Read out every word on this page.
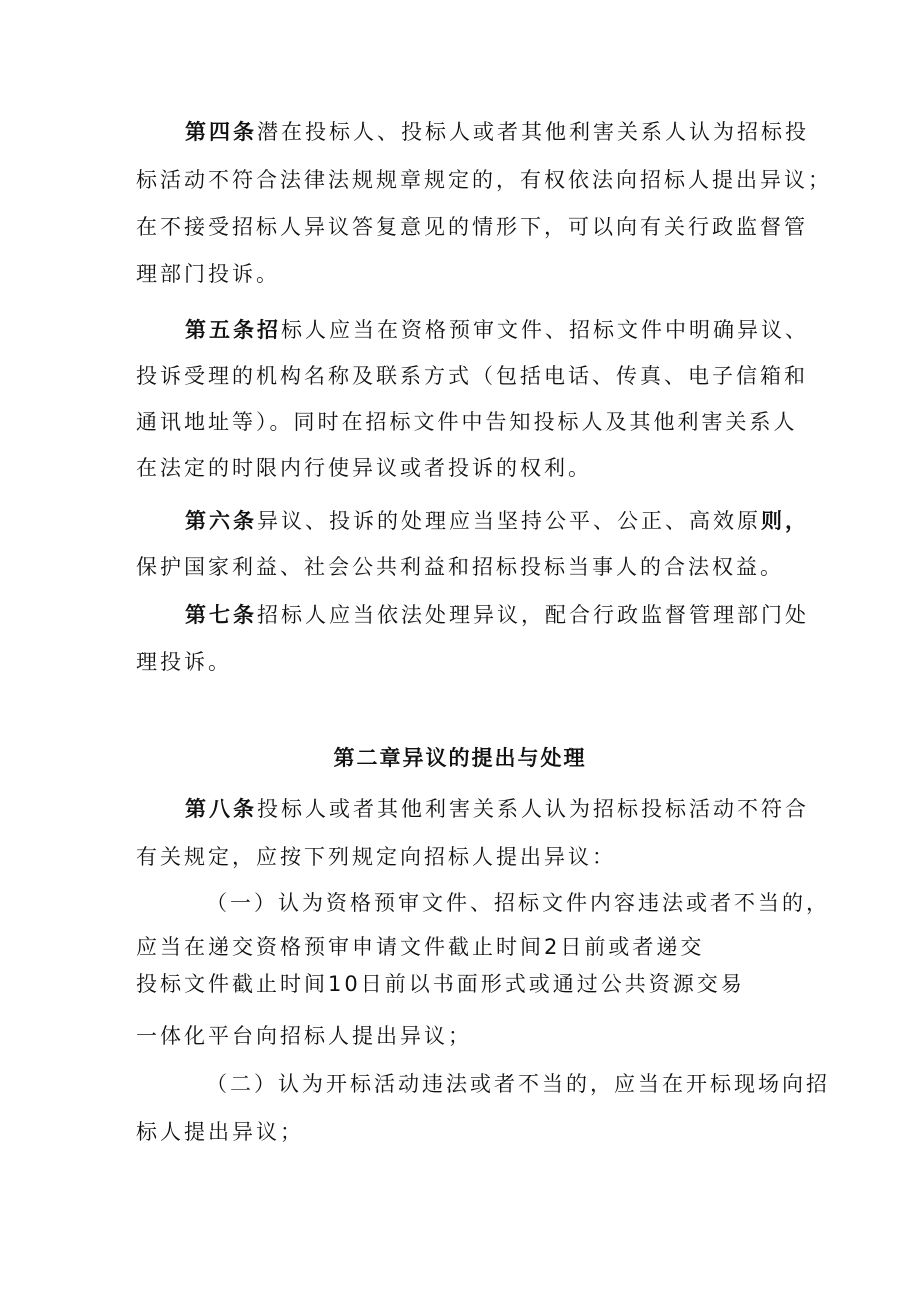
第四条潜在投标人、投标人或者其他利害关系人认为招标投
标活动不符合法律法规规章规定的，有权依法向招标人提出异议；
在不接受招标人异议答复意见的情形下，可以向有关行政监督管
理部门投诉。
第五条招标人应当在资格预审文件、招标文件中明确异议、
投诉受理的机构名称及联系方式（包括电话、传真、电子信箱和
通讯地址等）。同时在招标文件中告知投标人及其他利害关系人
在法定的时限内行使异议或者投诉的权利。
第六条异议、投诉的处理应当坚持公平、公正、高效原则，
保护国家利益、社会公共利益和招标投标当事人的合法权益。
第七条招标人应当依法处理异议，配合行政监督管理部门处
理投诉。
第二章异议的提出与处理
第八条投标人或者其他利害关系人认为招标投标活动不符合
有关规定，应按下列规定向招标人提出异议：
（一）认为资格预审文件、招标文件内容违法或者不当的，
应当在递交资格预审申请文件截止时间2日前或者递交
投标文件截止时间10日前以书面形式或通过公共资源交易
一体化平台向招标人提出异议；
（二）认为开标活动违法或者不当的，应当在开标现场向招
标人提出异议；
